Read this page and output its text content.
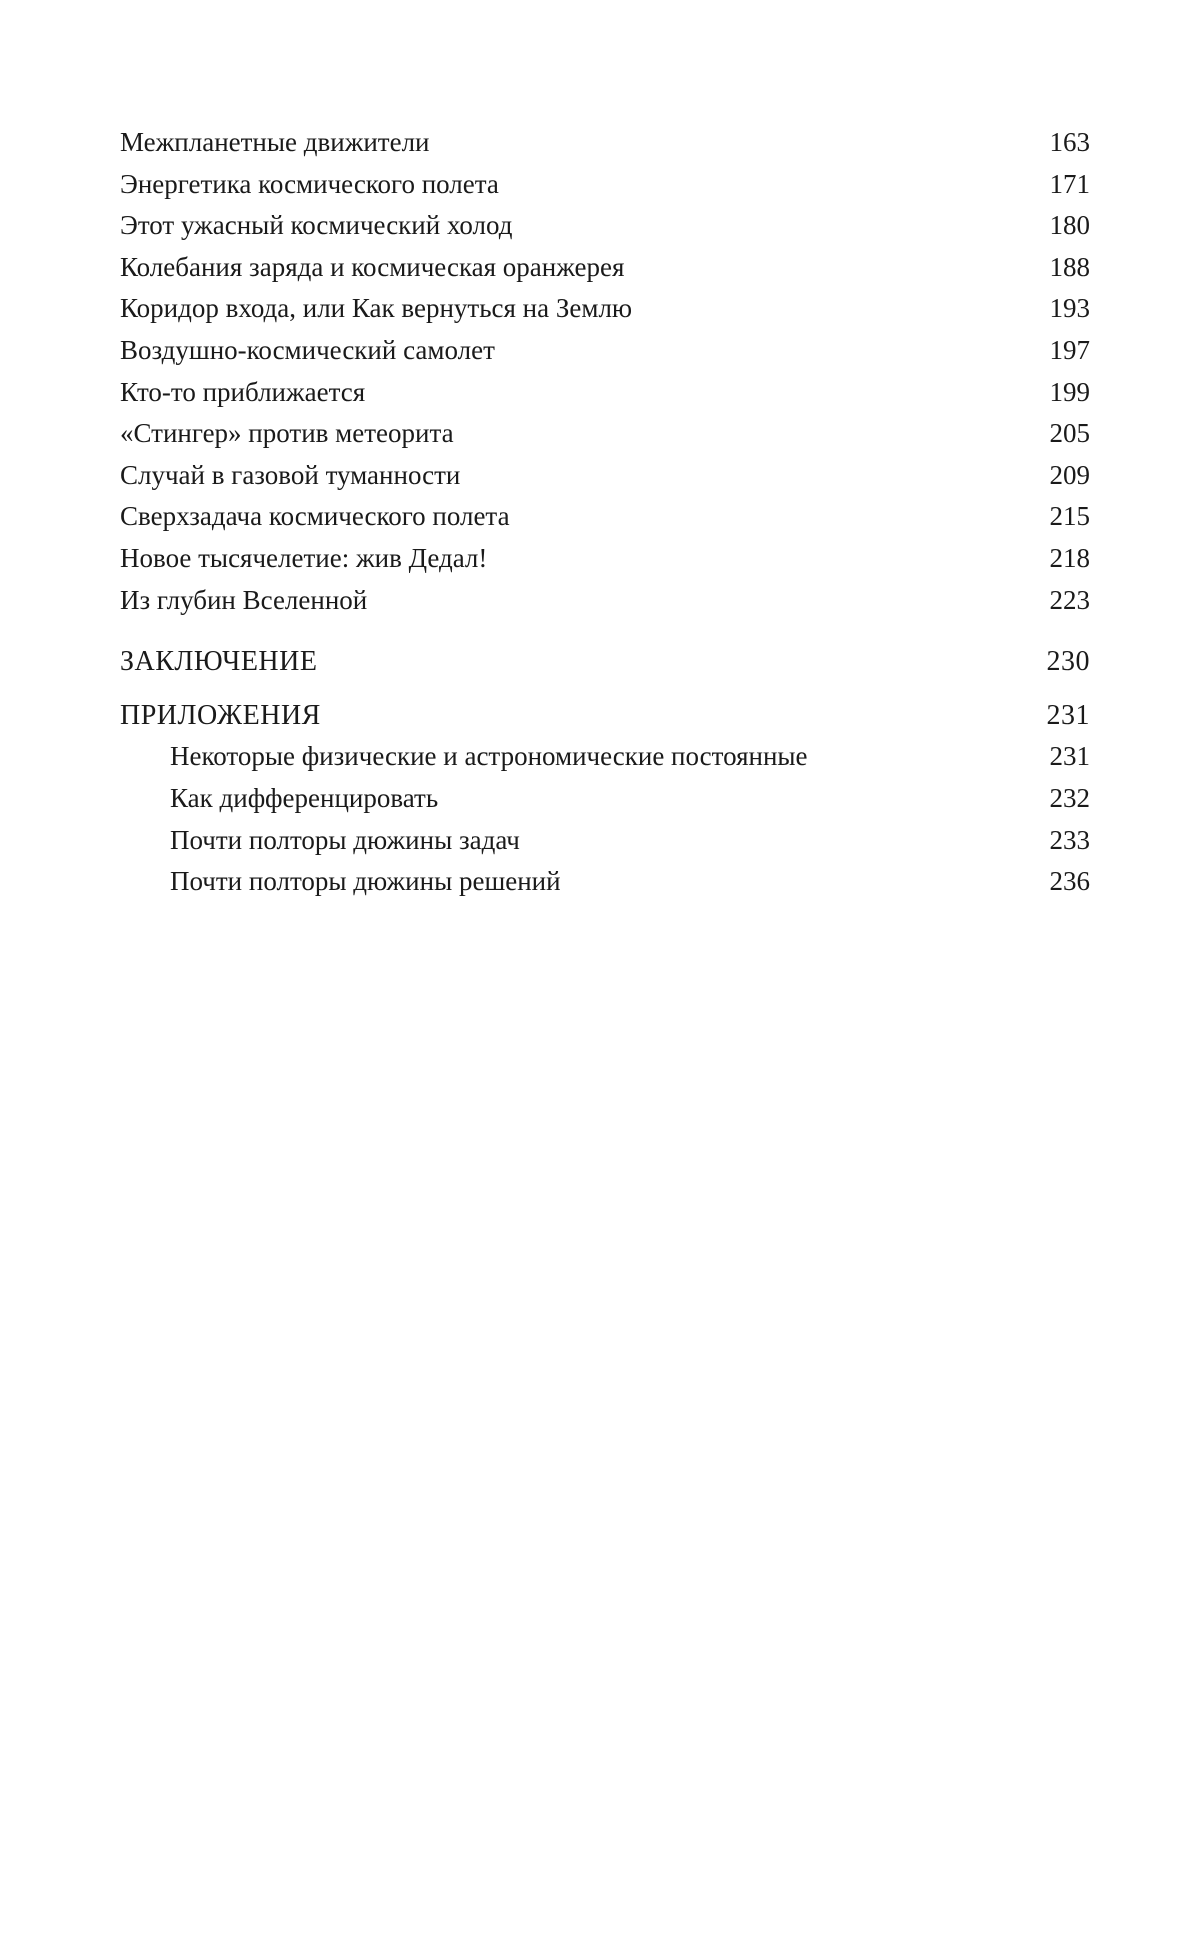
Межпланетные движители	163
Энергетика космического полета	171
Этот ужасный космический холод	180
Колебания заряда и космическая оранжерея	188
Коридор входа, или Как вернуться на Землю	193
Воздушно-космический самолет	197
Кто-то приближается	199
«Стингер» против метеорита	205
Случай в газовой туманности	209
Сверхзадача космического полета	215
Новое тысячелетие: жив Дедал!	218
Из глубин Вселенной	223
ЗАКЛЮЧЕНИЕ	230
ПРИЛОЖЕНИЯ	231
Некоторые физические и астрономические постоянные	231
Как дифференцировать	232
Почти полторы дюжины задач	233
Почти полторы дюжины решений	236
